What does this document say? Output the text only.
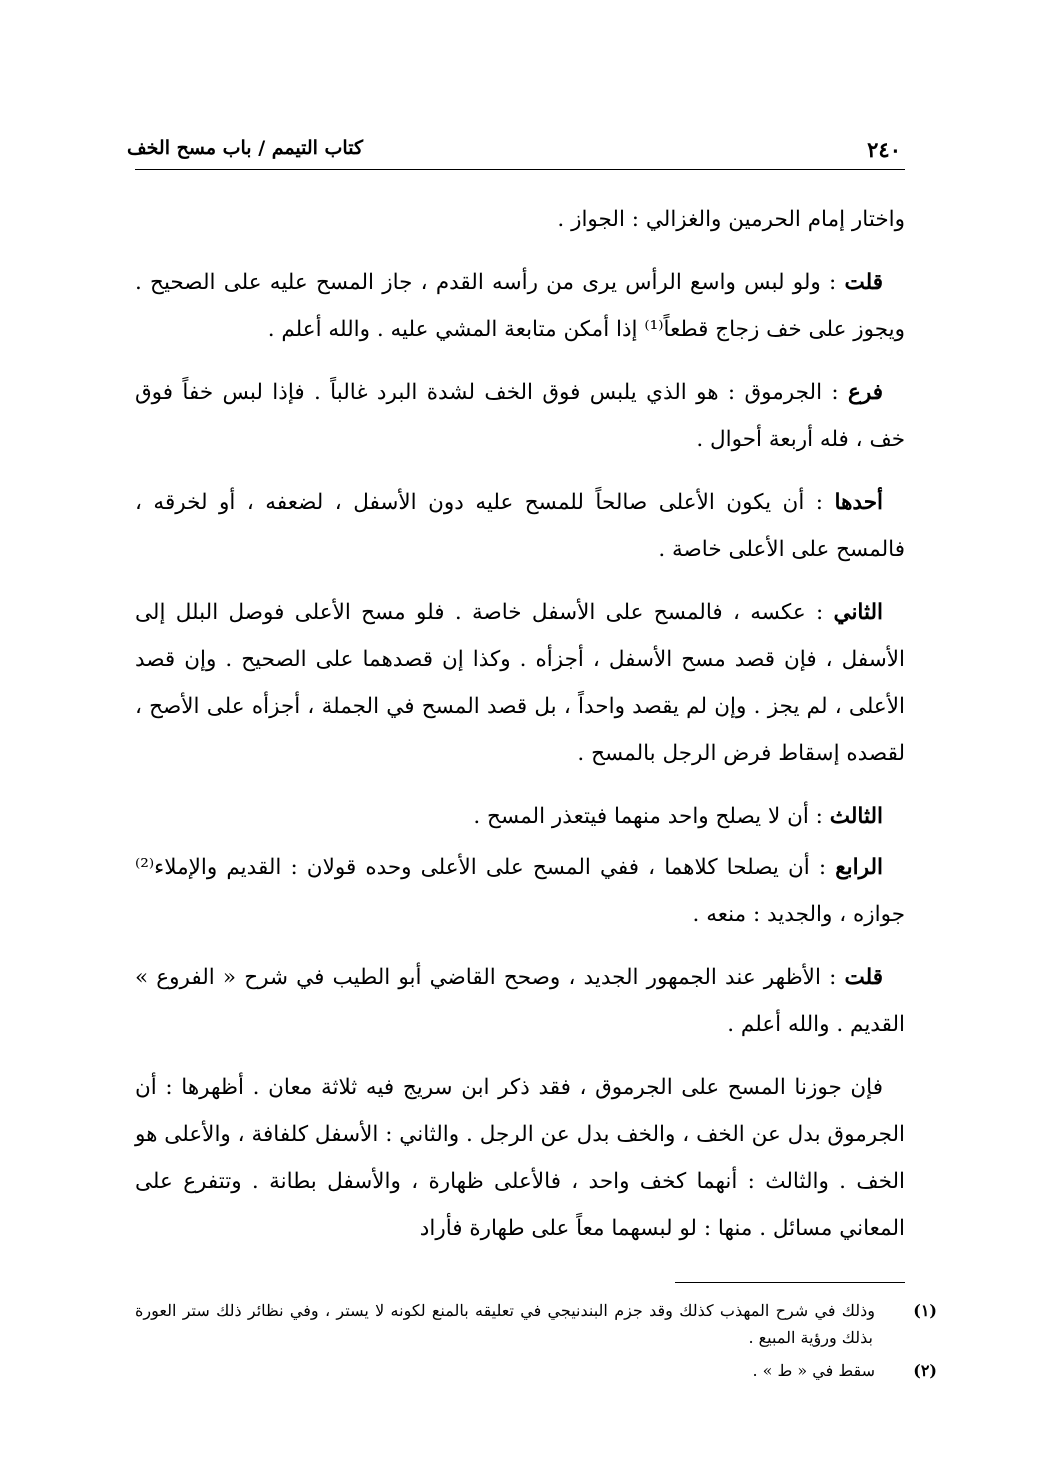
كتاب التيمم / باب مسح الخف	٢٤٠

واختار إمام الحرمين والغزالي : الجواز .

قلت : ولو لبس واسع الرأس يرى من رأسه القدم ، جاز المسح عليه على الصحيح . ويجوز على خف زجاج قطعاً⁽¹⁾ إذا أمكن متابعة المشي عليه . والله أعلم .

فرع : الجرموق : هو الذي يلبس فوق الخف لشدة البرد غالباً . فإذا لبس خفاً فوق خف ، فله أربعة أحوال .

أحدها : أن يكون الأعلى صالحاً للمسح عليه دون الأسفل ، لضعفه ، أو لخرقه ، فالمسح على الأعلى خاصة .

الثاني : عكسه ، فالمسح على الأسفل خاصة . فلو مسح الأعلى فوصل البلل إلى الأسفل ، فإن قصد مسح الأسفل ، أجزأه . وكذا إن قصدهما على الصحيح . وإن قصد الأعلى ، لم يجز . وإن لم يقصد واحداً ، بل قصد المسح في الجملة ، أجزأه على الأصح ، لقصده إسقاط فرض الرجل بالمسح .

الثالث : أن لا يصلح واحد منهما فيتعذر المسح .

الرابع : أن يصلحا كلاهما ، ففي المسح على الأعلى وحده قولان : القديم والإملاء⁽²⁾ جوازه ، والجديد : منعه .

قلت : الأظهر عند الجمهور الجديد ، وصحح القاضي أبو الطيب في شرح « الفروع » القديم . والله أعلم .

فإن جوزنا المسح على الجرموق ، فقد ذكر ابن سريج فيه ثلاثة معان . أظهرها : أن الجرموق بدل عن الخف ، والخف بدل عن الرجل . والثاني : الأسفل كلفافة ، والأعلى هو الخف . والثالث : أنهما كخف واحد ، فالأعلى ظهارة ، والأسفل بطانة . وتتفرع على المعاني مسائل . منها : لو لبسهما معاً على طهارة فأراد

(١)وذلك في شرح المهذب كذلك وقد جزم البندنيجي في تعليقه بالمنع لكونه لا يستر ، وفي نظائر ذلك ستر العورة بذلك ورؤية المبيع .

(٢)سقط في « ط » .
